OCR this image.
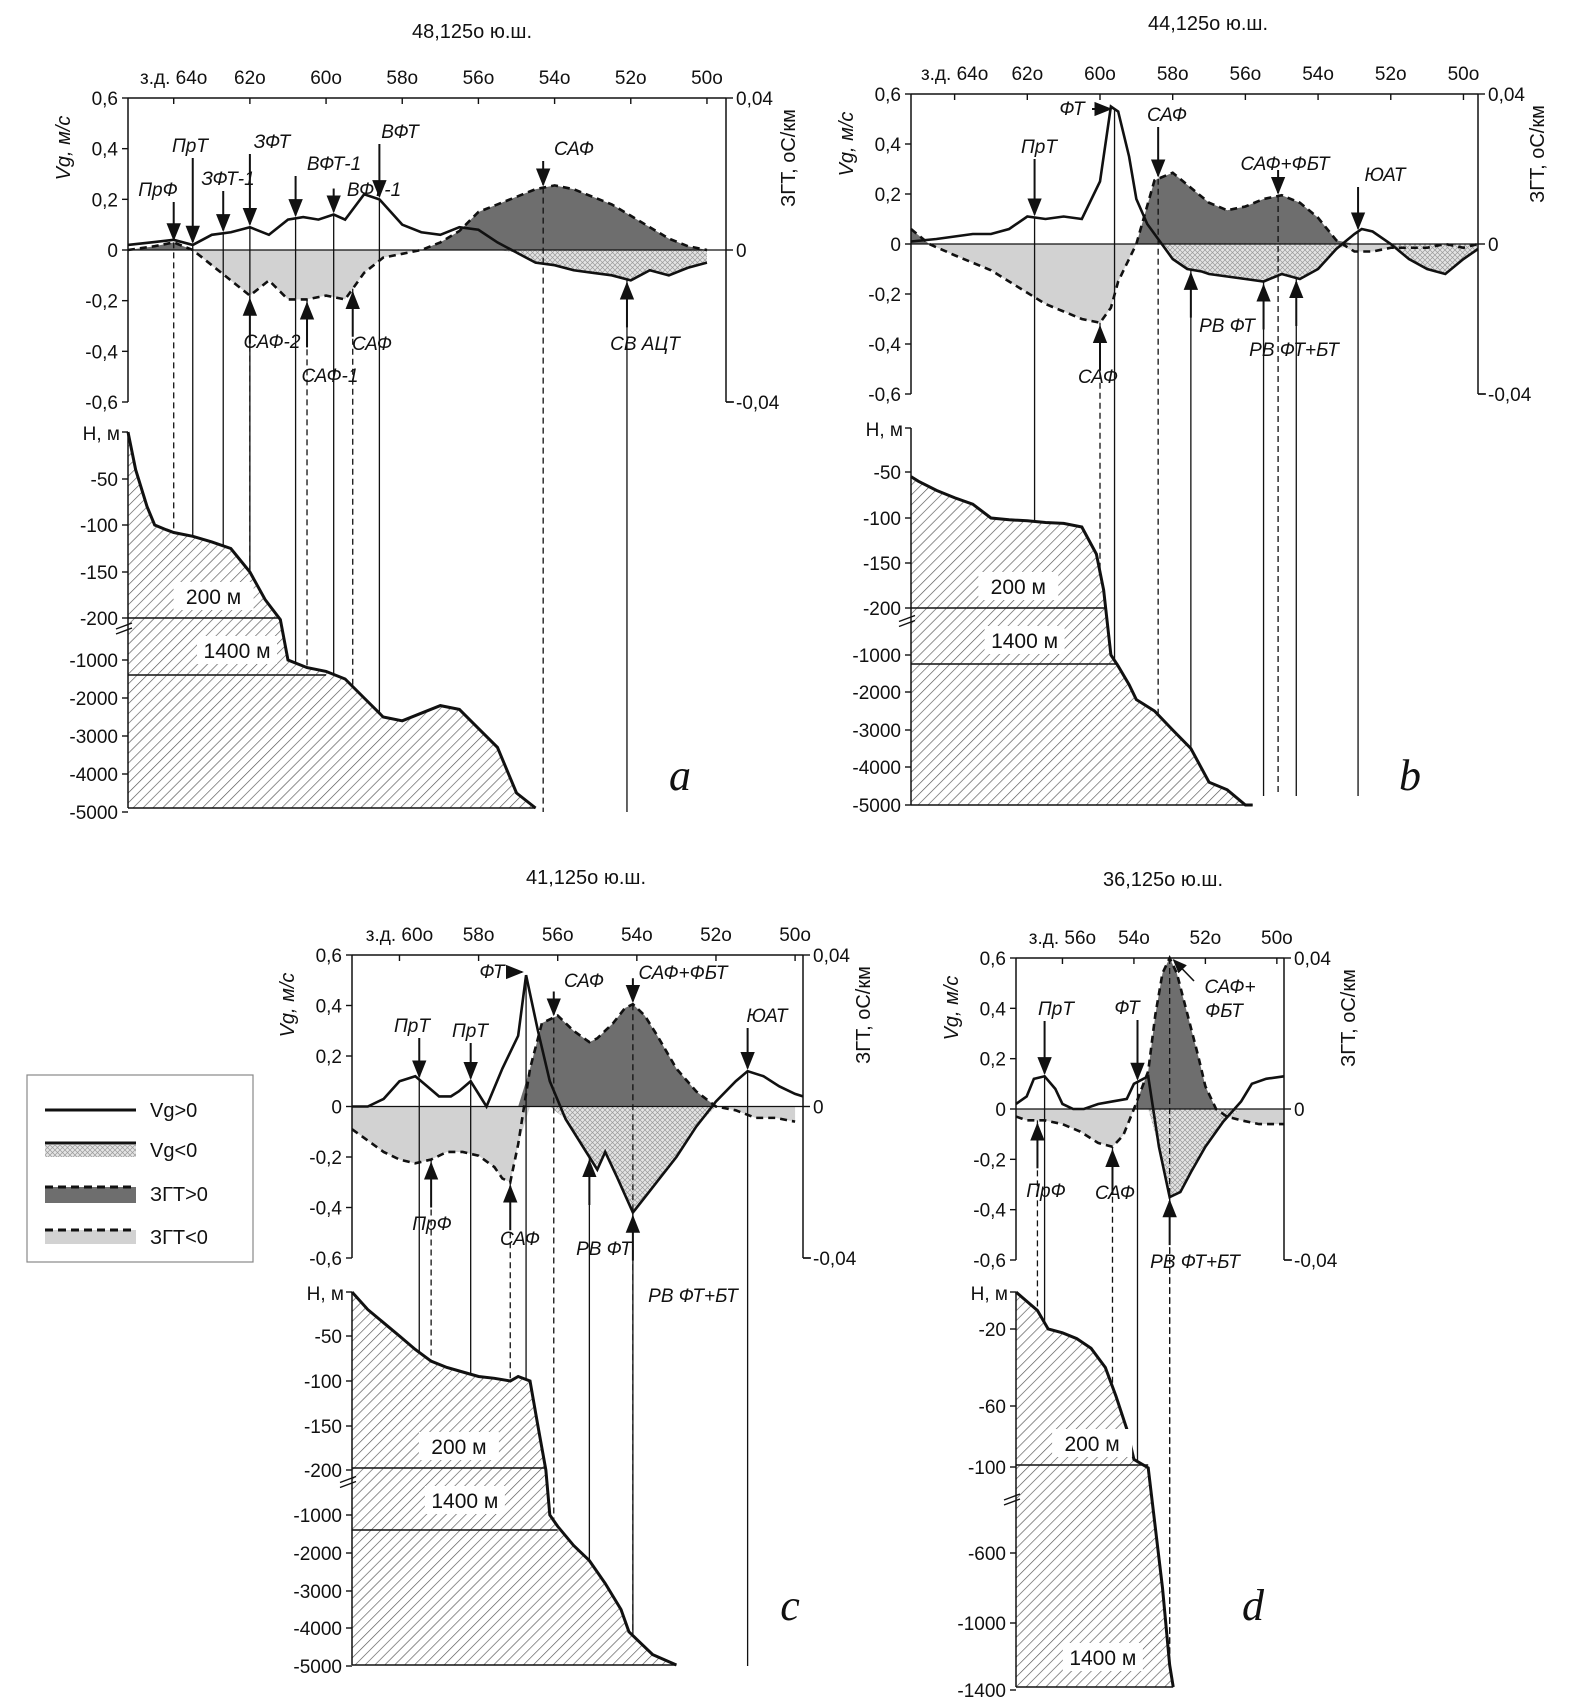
48,125о ю.ш.
з.д. 64о 62о 60о 58о 56о 54о 52о 50о
0,6
0,4
0,2
0
-0,2
-0,4
-0,6
0,04
0
-0,04
Vg, м/с	ЗГТ, оС/км
200 м
1400 м
Н, м
-50
-100
-150
-200
-1000
-2000
-3000
-4000
-5000
a
ПрФ
ПрТ
ЗФТ-1
ЗФТ
ВФТ-1
ВФТ-1
ВФТ
САФ
САФ-2
САФ-1
САФ	СВ АЦТ
44,125о ю.ш.
з.д. 64о 62о 60о 58о 56о 54о 52о 50о
0,6
0,4
0,2
0
-0,2
-0,4
-0,6
0,04
0
-0,04
Vg, м/с	ЗГТ, оС/км
200 м
1400 м
Н, м
-50
-100
-150
-200
-1000
-2000
-3000
-4000
-5000
b
ФТ	САФ
ПрТ
САФ+ФБТ
ЮАТ
САФ
РВ ФТ
РВ ФТ+БТ
41,125о ю.ш.
з.д. 60о 58о 56о 54о 52о 50о
0,6
0,4
0,2
0
-0,2
-0,4
-0,6
0,04
0
-0,04
Vg, м/с	ЗГТ, оС/км
200 м
1400 м
Н, м
-50
-100
-150
-200
-1000
-2000
-3000
-4000
-5000
c
ФТ	САФ САФ+ФБТ
ПрТ ПрТ
ЮАТ
ПрФ
САФ РВ ФТ
РВ ФТ+БТ
36,125о ю.ш.
з.д. 56о 54о 52о 50о
0,6
0,4
0,2
0
-0,2
-0,4
-0,6
0,04
0
-0,04
Vg, м/с	ЗГТ, оС/км
200 м
1400 м
Н, м
-20
-60
-100
-600
-1000
-1400
d
ПрТ ФТ
САФ+
ФБТ
ПрФ САФ
РВ ФТ+БТ
Vg>0
Vg<0
ЗГТ>0
ЗГТ<0
